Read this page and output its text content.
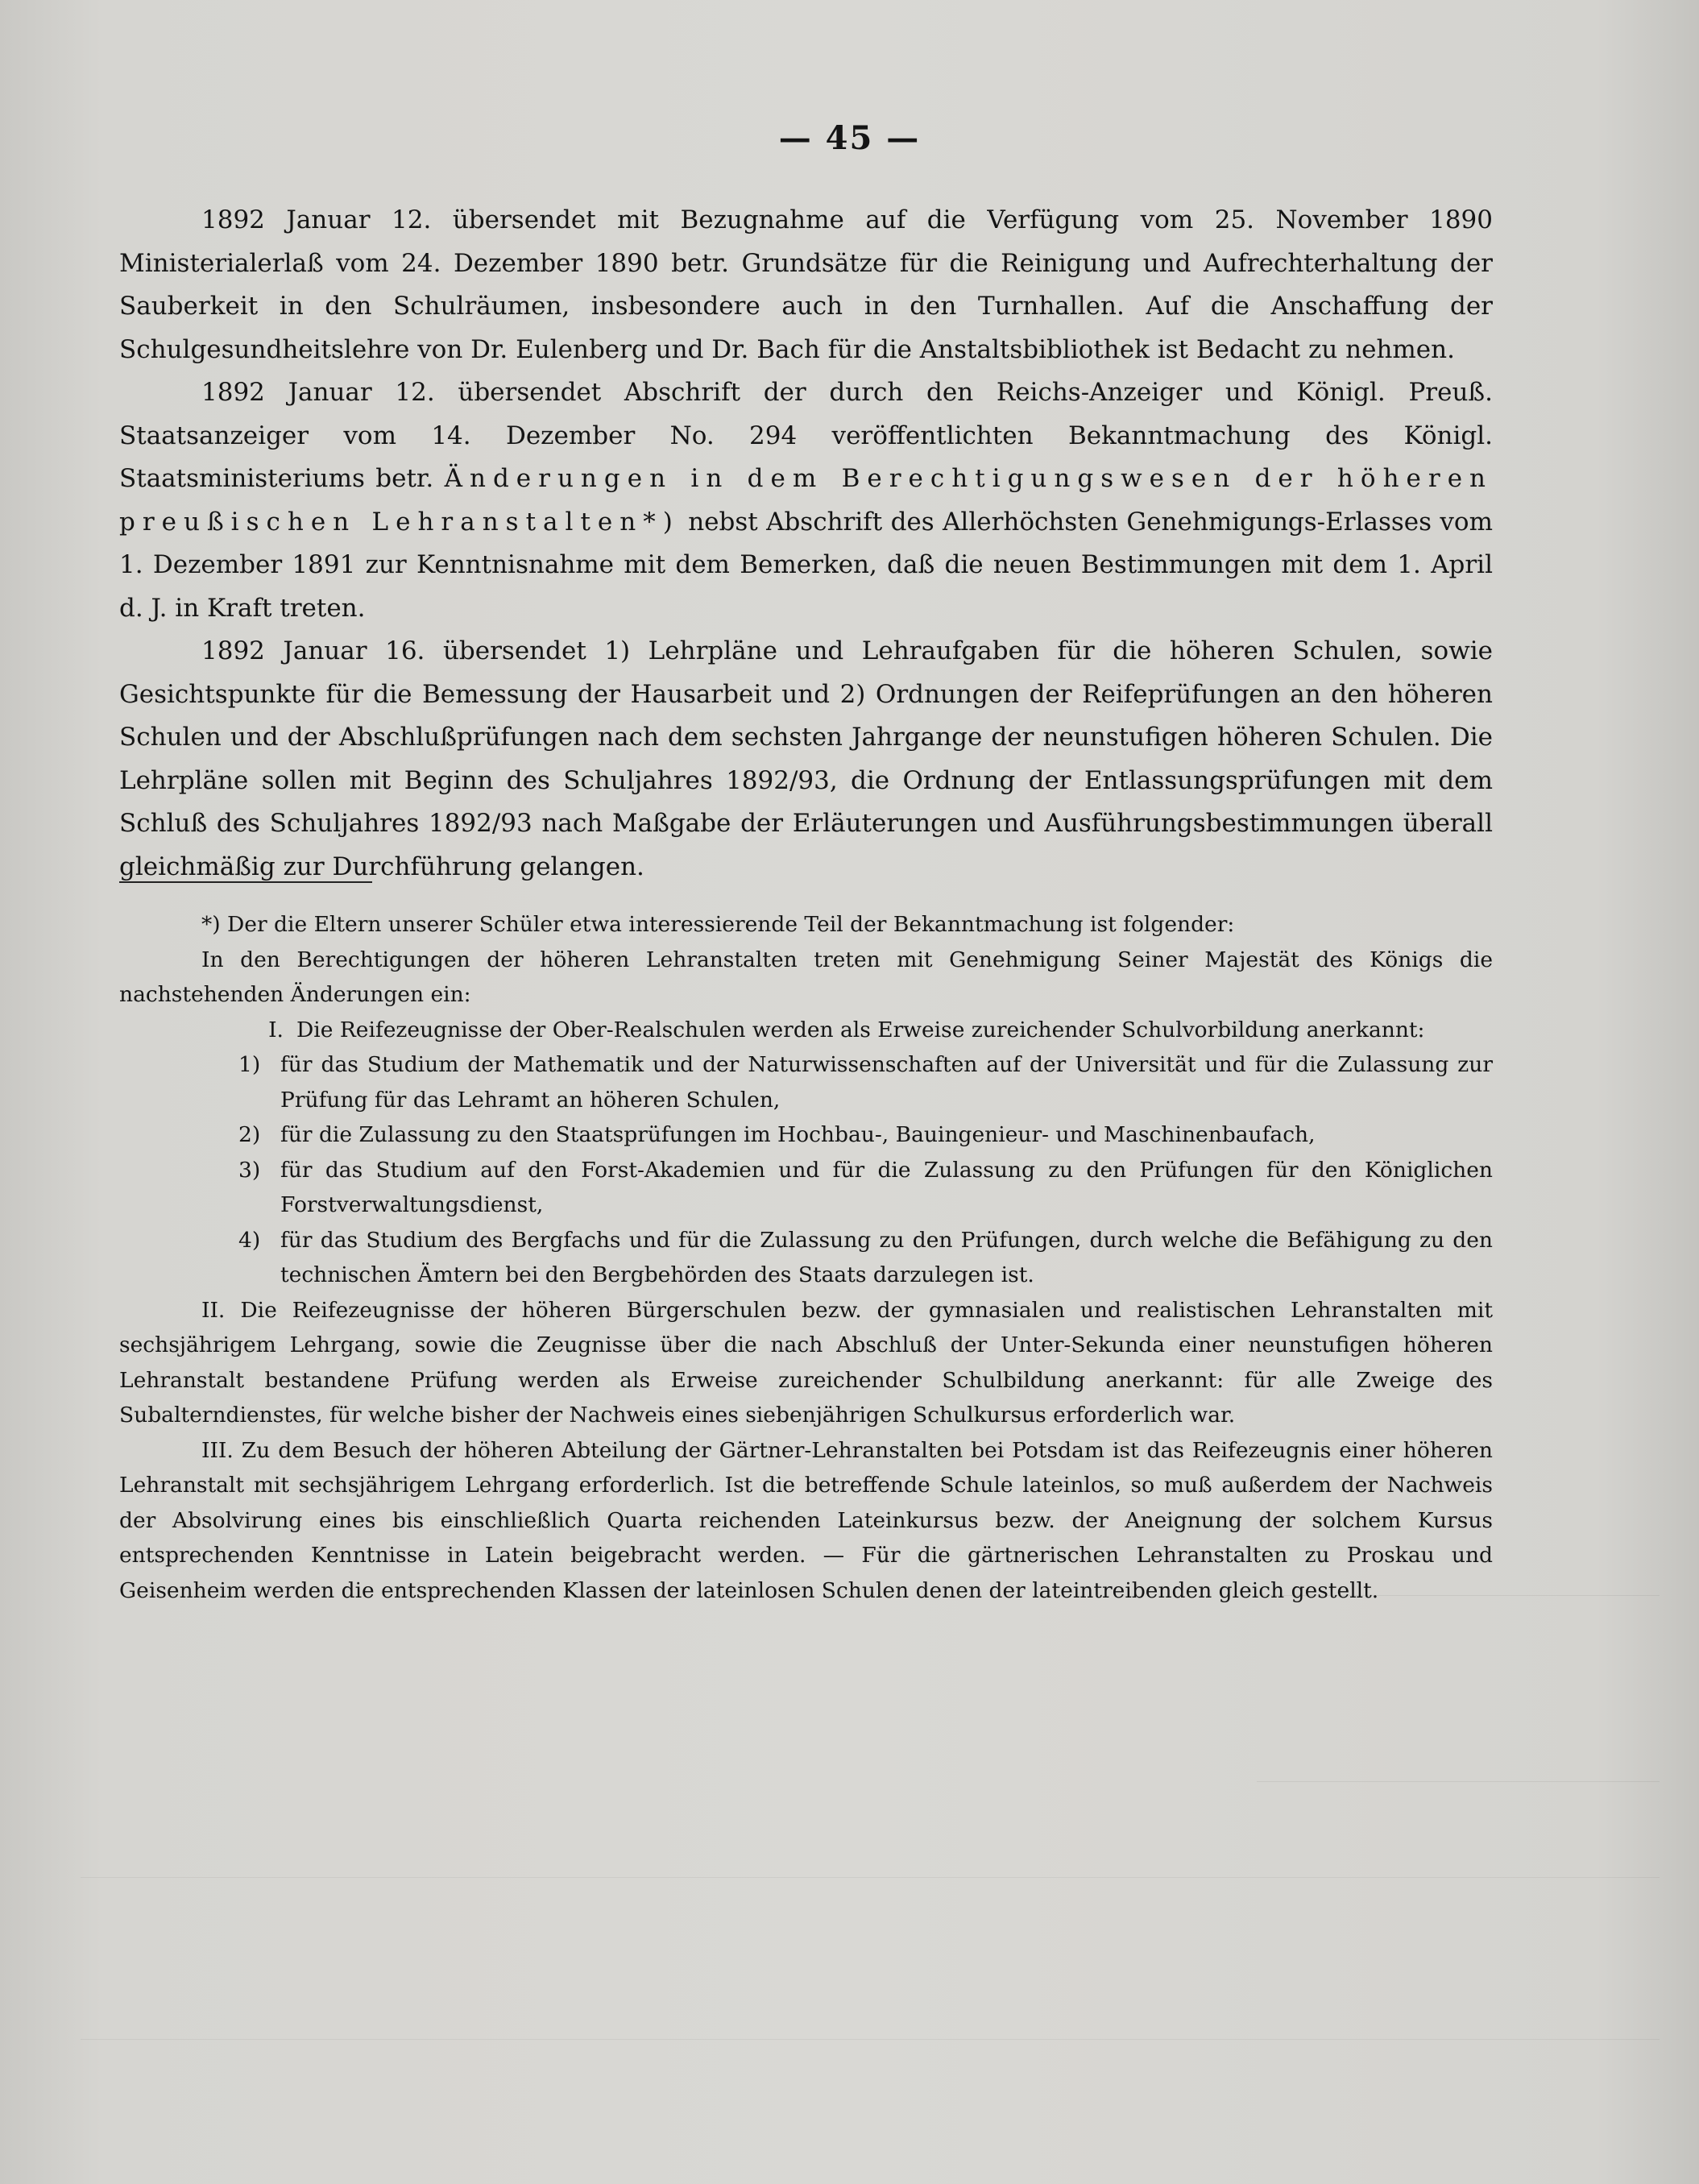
— 45 —

1892 Januar 12. übersendet mit Bezugnahme auf die Verfügung vom 25. November 1890 Ministerialerlaß vom 24. Dezember 1890 betr. Grundsätze für die Reinigung und Aufrechterhaltung der Sauberkeit in den Schulräumen, insbesondere auch in den Turnhallen. Auf die Anschaffung der Schulgesundheitslehre von Dr. Eulenberg und Dr. Bach für die Anstaltsbibliothek ist Bedacht zu nehmen.

1892 Januar 12. übersendet Abschrift der durch den Reichs-Anzeiger und Königl. Preuß. Staatsanzeiger vom 14. Dezember No. 294 veröffentlichten Bekanntmachung des Königl. Staatsministeriums betr. Änderungen in dem Berechtigungswesen der höheren preußischen Lehranstalten*) nebst Abschrift des Allerhöchsten Genehmigungs-Erlasses vom 1. Dezember 1891 zur Kenntnisnahme mit dem Bemerken, daß die neuen Bestimmungen mit dem 1. April d. J. in Kraft treten.

1892 Januar 16. übersendet 1) Lehrpläne und Lehraufgaben für die höheren Schulen, sowie Gesichtspunkte für die Bemessung der Hausarbeit und 2) Ordnungen der Reifeprüfungen an den höheren Schulen und der Abschlußprüfungen nach dem sechsten Jahrgange der neunstufigen höheren Schulen. Die Lehrpläne sollen mit Beginn des Schuljahres 1892/93, die Ordnung der Entlassungsprüfungen mit dem Schluß des Schuljahres 1892/93 nach Maßgabe der Erläuterungen und Ausführungsbestimmungen überall gleichmäßig zur Durchführung gelangen.

*) Der die Eltern unserer Schüler etwa interessierende Teil der Bekanntmachung ist folgender:

In den Berechtigungen der höheren Lehranstalten treten mit Genehmigung Seiner Majestät des Königs die nachstehenden Änderungen ein:

I. Die Reifezeugnisse der Ober-Realschulen werden als Erweise zureichender Schulvorbildung anerkannt:
1) für das Studium der Mathematik und der Naturwissenschaften auf der Universität und für die Zulassung zur Prüfung für das Lehramt an höheren Schulen,
2) für die Zulassung zu den Staatsprüfungen im Hochbau-, Bauingenieur- und Maschinenbaufach,
3) für das Studium auf den Forst-Akademien und für die Zulassung zu den Prüfungen für den Königlichen Forstverwaltungsdienst,
4) für das Studium des Bergfachs und für die Zulassung zu den Prüfungen, durch welche die Befähigung zu den technischen Ämtern bei den Bergbehörden des Staats darzulegen ist.

II. Die Reifezeugnisse der höheren Bürgerschulen bezw. der gymnasialen und realistischen Lehranstalten mit sechsjährigem Lehrgang, sowie die Zeugnisse über die nach Abschluß der Unter-Sekunda einer neunstufigen höheren Lehranstalt bestandene Prüfung werden als Erweise zureichender Schulbildung anerkannt: für alle Zweige des Subalterndienstes, für welche bisher der Nachweis eines siebenjährigen Schulkursus erforderlich war.

III. Zu dem Besuch der höheren Abteilung der Gärtner-Lehranstalten bei Potsdam ist das Reifezeugnis einer höheren Lehranstalt mit sechsjährigem Lehrgang erforderlich. Ist die betreffende Schule lateinlos, so muß außerdem der Nachweis der Absolvirung eines bis einschließlich Quarta reichenden Lateinkursus bezw. der Aneignung der solchem Kursus entsprechenden Kenntnisse in Latein beigebracht werden. — Für die gärtnerischen Lehranstalten zu Proskau und Geisenheim werden die entsprechenden Klassen der lateinlosen Schulen denen der lateintreibenden gleich gestellt.
